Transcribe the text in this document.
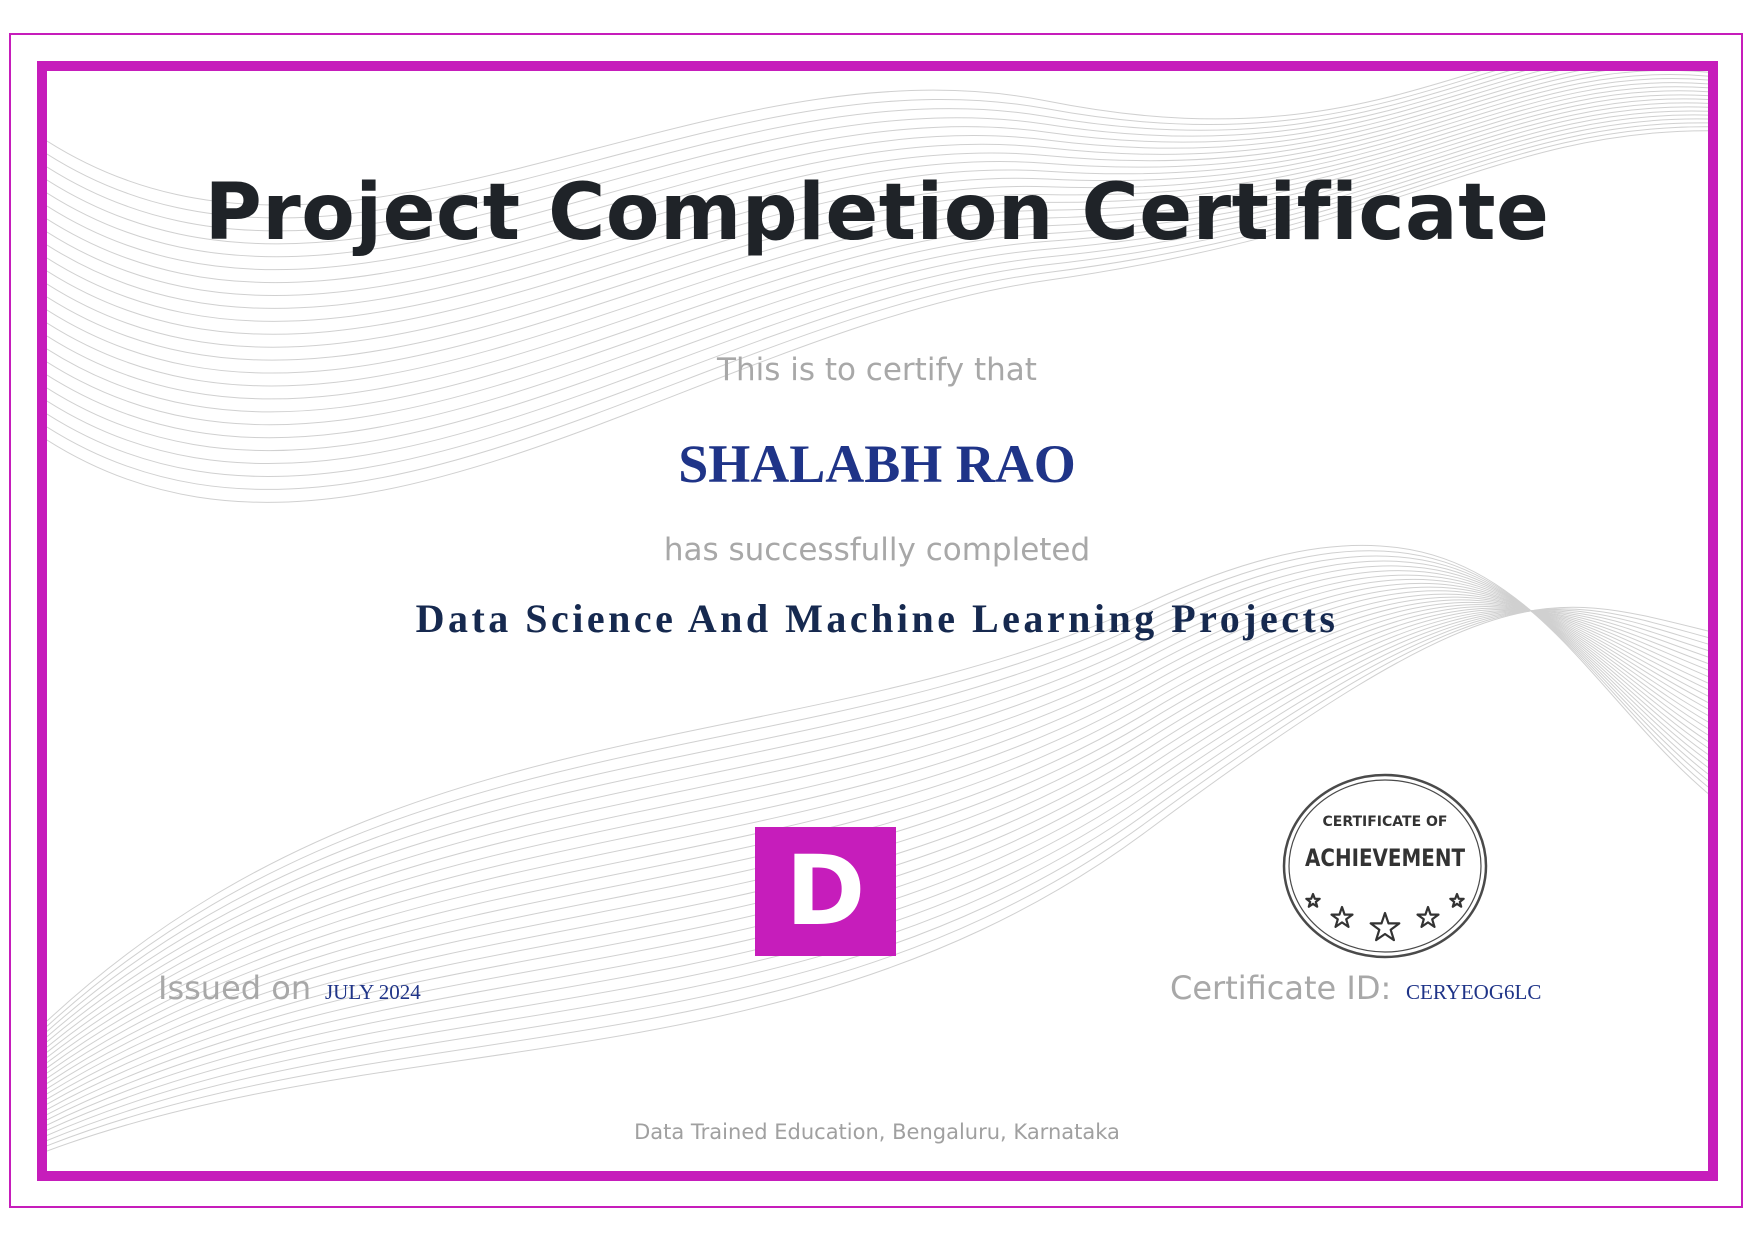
Project Completion Certificate
This is to certify that
SHALABH RAO
has successfully completed
Data Science And Machine Learning Projects
D
CERTIFICATE OF
ACHIEVEMENT
Issued on JULY 2024	Certificate ID: CERYEOG6LC
Data Trained Education, Bengaluru, Karnataka
